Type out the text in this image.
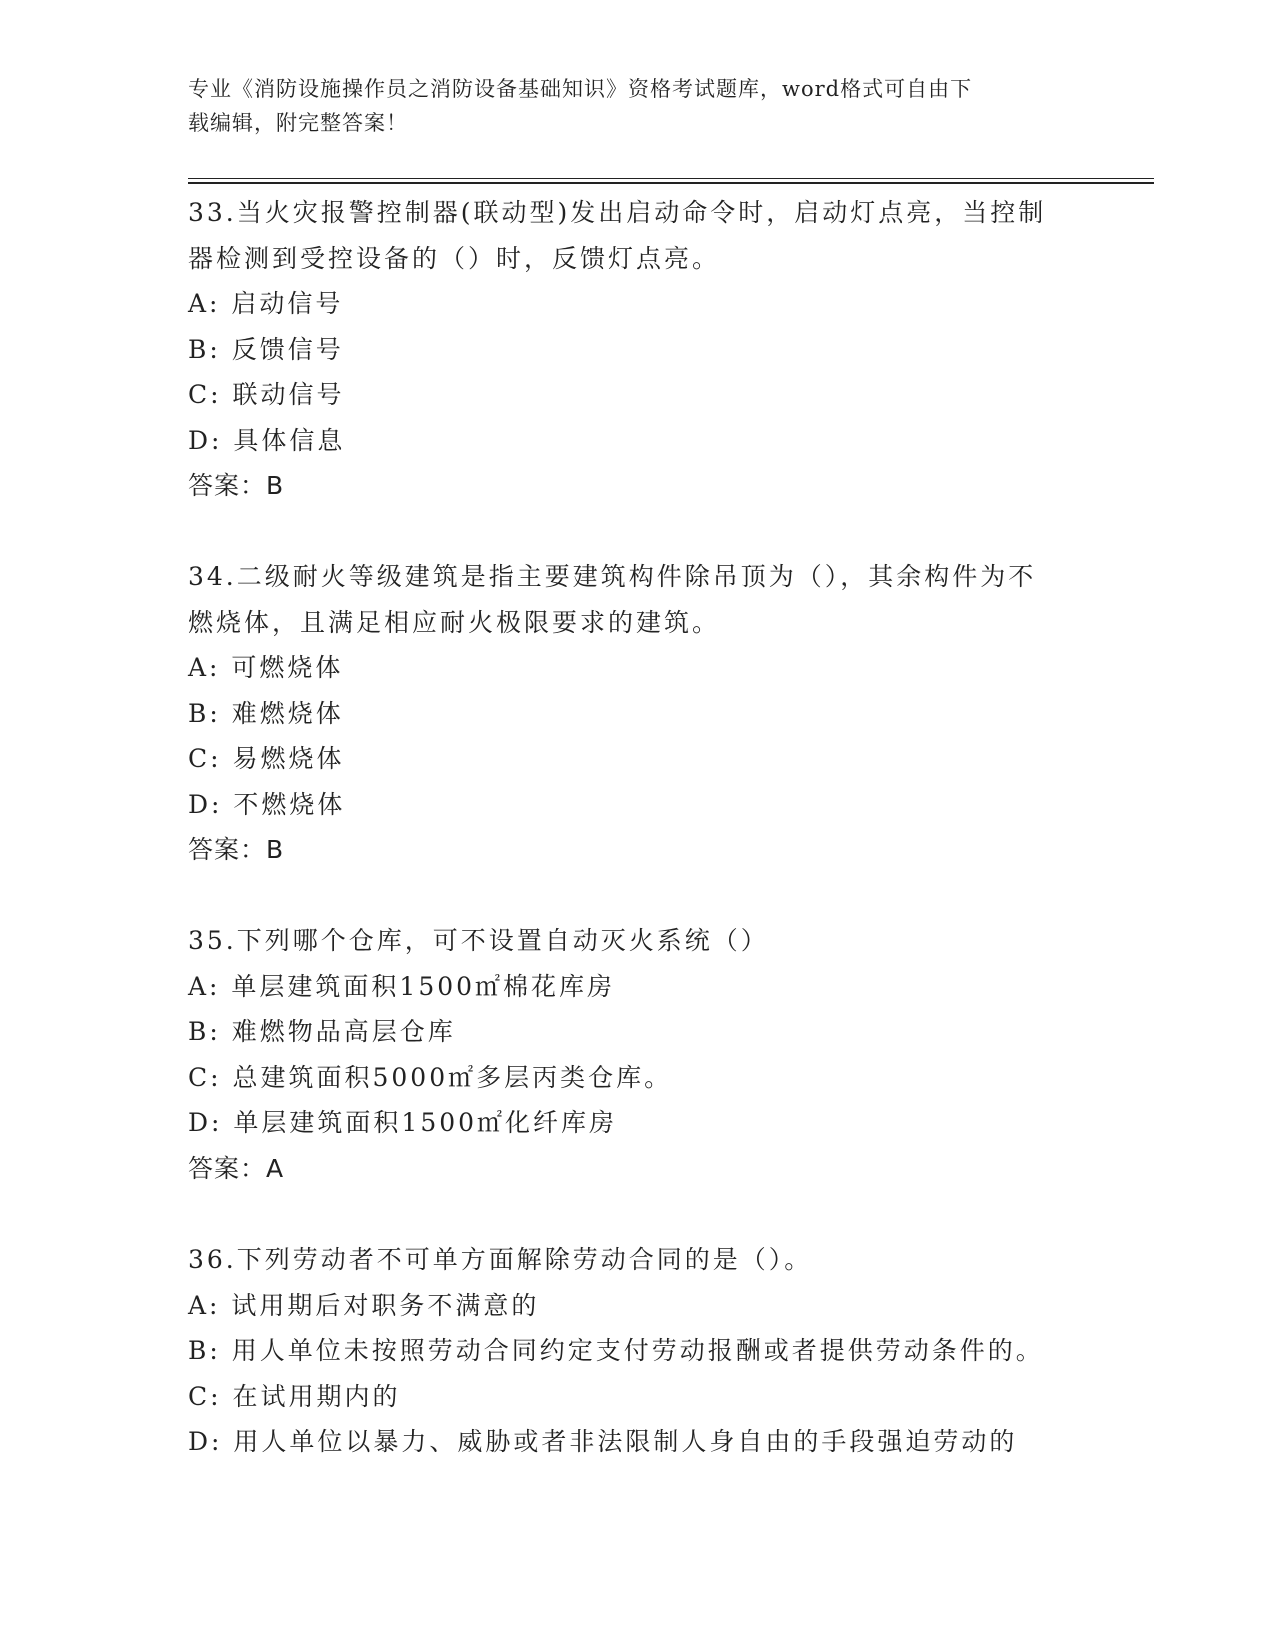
专业《消防设施操作员之消防设备基础知识》资格考试题库，word格式可自由下
载编辑，附完整答案！
33.当火灾报警控制器(联动型)发出启动命令时，启动灯点亮，当控制
器检测到受控设备的（）时，反馈灯点亮。
A: 启动信号
B: 反馈信号
C: 联动信号
D: 具体信息
答案：B
34.二级耐火等级建筑是指主要建筑构件除吊顶为（），其余构件为不
燃烧体，且满足相应耐火极限要求的建筑。
A: 可燃烧体
B: 难燃烧体
C: 易燃烧体
D: 不燃烧体
答案：B
35.下列哪个仓库，可不设置自动灭火系统（）
A: 单层建筑面积1500㎡棉花库房
B: 难燃物品高层仓库
C: 总建筑面积5000㎡多层丙类仓库。
D: 单层建筑面积1500㎡化纤库房
答案：A
36.下列劳动者不可单方面解除劳动合同的是（）。
A: 试用期后对职务不满意的
B: 用人单位未按照劳动合同约定支付劳动报酬或者提供劳动条件的。
C: 在试用期内的
D: 用人单位以暴力、威胁或者非法限制人身自由的手段强迫劳动的
